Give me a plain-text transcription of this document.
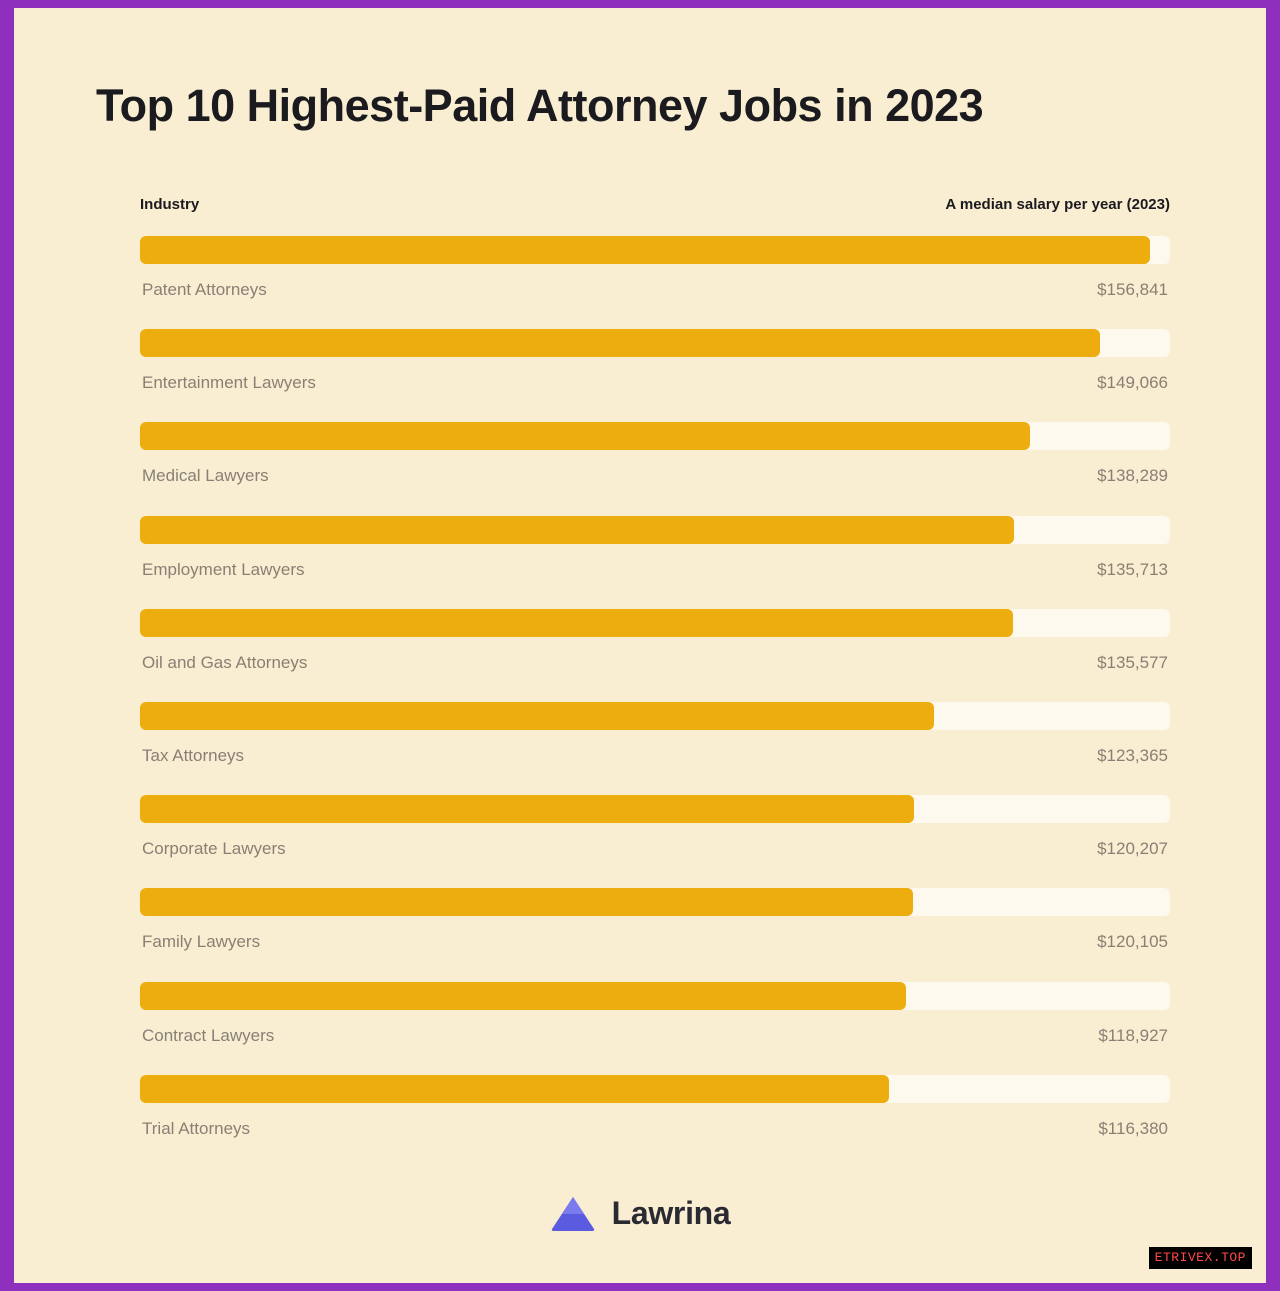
Top 10 Highest-Paid Attorney Jobs in 2023
Industry	A median salary per year (2023)
Patent Attorneys	$156,841
Entertainment Lawyers	$149,066
Medical Lawyers	$138,289
Employment Lawyers	$135,713
Oil and Gas Attorneys	$135,577
Tax Attorneys	$123,365
Corporate Lawyers	$120,207
Family Lawyers	$120,105
Contract Lawyers	$118,927
Trial Attorneys	$116,380
Lawrina
ETRIVEX.TOP
